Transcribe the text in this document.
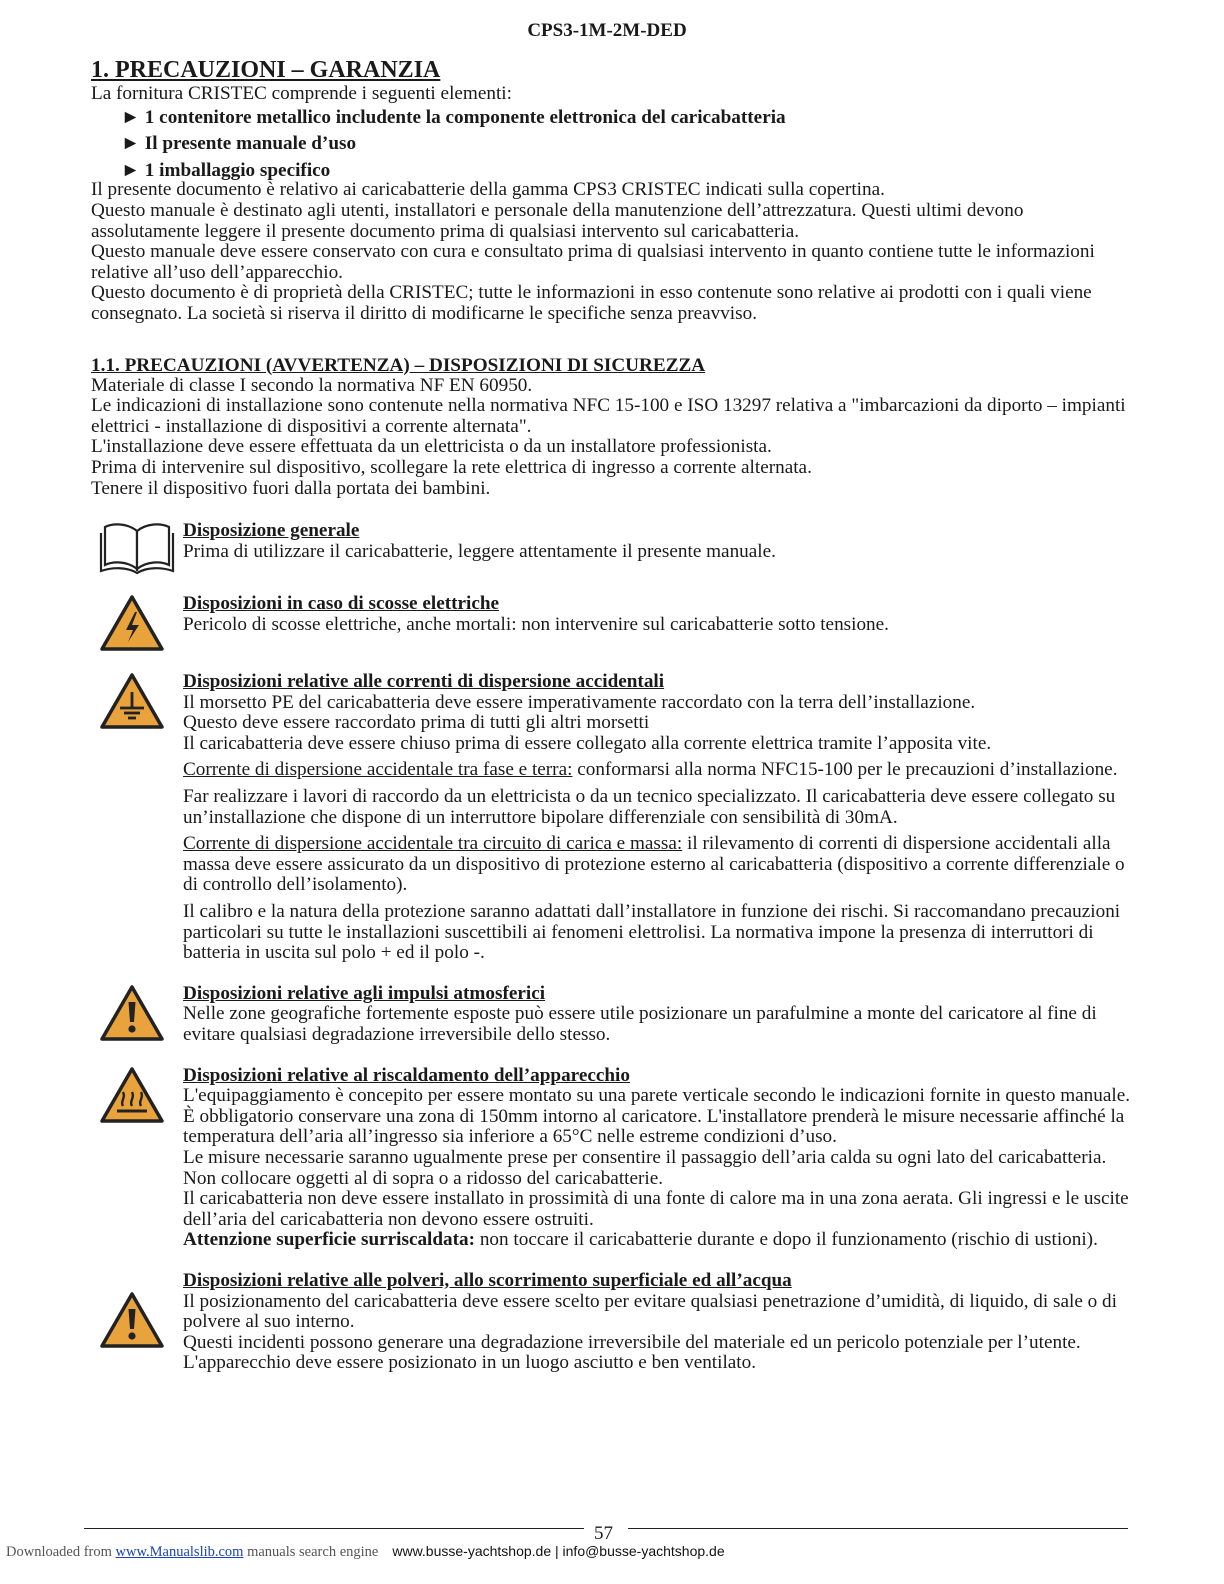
CPS3-1M-2M-DED
1. PRECAUZIONI – GARANZIA

La fornitura CRISTEC comprende i seguenti elementi:

► 1 contenitore metallico includente la componente elettronica del caricabatteria
► Il presente manuale d’uso
► 1 imballaggio specifico

Il presente documento è relativo ai caricabatterie della gamma CPS3 CRISTEC indicati sulla copertina.

Questo manuale è destinato agli utenti, installatori e personale della manutenzione dell’attrezzatura. Questi ultimi devono assolutamente leggere il presente documento prima di qualsiasi intervento sul caricabatteria.

Questo manuale deve essere conservato con cura e consultato prima di qualsiasi intervento in quanto contiene tutte le informazioni relative all’uso dell’apparecchio.

Questo documento è di proprietà della CRISTEC; tutte le informazioni in esso contenute sono relative ai prodotti con i quali viene consegnato. La società si riserva il diritto di modificarne le specifiche senza preavviso.

1.1. PRECAUZIONI (AVVERTENZA) – DISPOSIZIONI DI SICUREZZA

Materiale di classe I secondo la normativa NF EN 60950.

Le indicazioni di installazione sono contenute nella normativa NFC 15-100 e ISO 13297 relativa a "imbarcazioni da diporto – impianti elettrici - installazione di dispositivi a corrente alternata".

L'installazione deve essere effettuata da un elettricista o da un installatore professionista.

Prima di intervenire sul dispositivo, scollegare la rete elettrica di ingresso a corrente alternata.

Tenere il dispositivo fuori dalla portata dei bambini.

Disposizione generale

Prima di utilizzare il caricabatterie, leggere attentamente il presente manuale.

Disposizioni in caso di scosse elettriche

Pericolo di scosse elettriche, anche mortali: non intervenire sul caricabatterie sotto tensione.

Disposizioni relative alle correnti di dispersione accidentali

Il morsetto PE del caricabatteria deve essere imperativamente raccordato con la terra dell’installazione.

Questo deve essere raccordato prima di tutti gli altri morsetti

Il caricabatteria deve essere chiuso prima di essere collegato alla corrente elettrica tramite l’apposita vite.

Corrente di dispersione accidentale tra fase e terra: conformarsi alla norma NFC15-100 per le precauzioni d’installazione.

Far realizzare i lavori di raccordo da un elettricista o da un tecnico specializzato. Il caricabatteria deve essere collegato su un’installazione che dispone di un interruttore bipolare differenziale con sensibilità di 30mA.

Corrente di dispersione accidentale tra circuito di carica e massa: il rilevamento di correnti di dispersione accidentali alla massa deve essere assicurato da un dispositivo di protezione esterno al caricabatteria (dispositivo a corrente differenziale o di controllo dell’isolamento).

Il calibro e la natura della protezione saranno adattati dall’installatore in funzione dei rischi. Si raccomandano precauzioni particolari su tutte le installazioni suscettibili ai fenomeni elettrolisi. La normativa impone la presenza di interruttori di batteria in uscita sul polo + ed il polo -.

Disposizioni relative agli impulsi atmosferici

Nelle zone geografiche fortemente esposte può essere utile posizionare un parafulmine a monte del caricatore al fine di evitare qualsiasi degradazione irreversibile dello stesso.

Disposizioni relative al riscaldamento dell’apparecchio

L'equipaggiamento è concepito per essere montato su una parete verticale secondo le indicazioni fornite in questo manuale.

È obbligatorio conservare una zona di 150mm intorno al caricatore. L'installatore prenderà le misure necessarie affinché la temperatura dell’aria all’ingresso sia inferiore a 65°C nelle estreme condizioni d’uso.

Le misure necessarie saranno ugualmente prese per consentire il passaggio dell’aria calda su ogni lato del caricabatteria.

Non collocare oggetti al di sopra o a ridosso del caricabatterie.

Il caricabatteria non deve essere installato in prossimità di una fonte di calore ma in una zona aerata. Gli ingressi e le uscite dell’aria del caricabatteria non devono essere ostruiti.

Attenzione superficie surriscaldata: non toccare il caricabatterie durante e dopo il funzionamento (rischio di ustioni).

Disposizioni relative alle polveri, allo scorrimento superficiale ed all’acqua

Il posizionamento del caricabatteria deve essere scelto per evitare qualsiasi penetrazione d’umidità, di liquido, di sale o di polvere al suo interno.

Questi incidenti possono generare una degradazione irreversibile del materiale ed un pericolo potenziale per l’utente.

L'apparecchio deve essere posizionato in un luogo asciutto e ben ventilato.

57
Downloaded from www.Manualslib.com manuals search engine www.busse-yachtshop.de | info@busse-yachtshop.de
